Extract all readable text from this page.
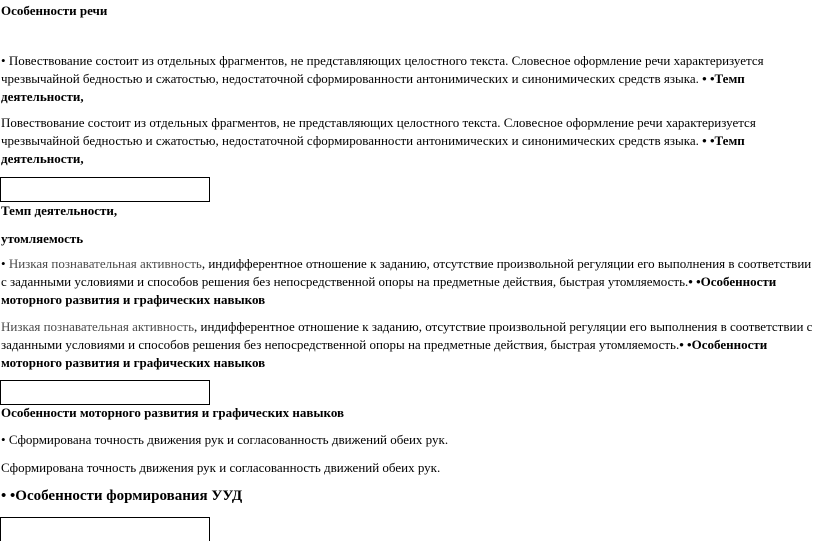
Особенности речи
• Повествование состоит из отдельных фрагментов, не представляющих целостного текста. Словесное оформление речи характеризуется чрезвычайной бедностью и сжатостью, недостаточной сформированности антонимических и синонимических средств языка. • •Темп деятельности,
Повествование состоит из отдельных фрагментов, не представляющих целостного текста. Словесное оформление речи характеризуется чрезвычайной бедностью и сжатостью, недостаточной сформированности антонимических и синонимических средств языка. • •Темп деятельности,
Темп деятельности,
утомляемость
• Низкая познавательная активность, индифферентное отношение к заданию, отсутствие произвольной регуляции его выполнения в соответствии с заданными условиями и способов решения без непосредственной опоры на предметные действия, быстрая утомляемость.• •Особенности моторного развития и графических навыков
Низкая познавательная активность, индифферентное отношение к заданию, отсутствие произвольной регуляции его выполнения в соответствии с заданными условиями и способов решения без непосредственной опоры на предметные действия, быстрая утомляемость.• •Особенности моторного развития и графических навыков
Особенности моторного развития и графических навыков
• Сформирована точность движения рук и согласованность движений обеих рук.
Сформирована точность движения рук и согласованность движений обеих рук.
• •Особенности формирования УУД
